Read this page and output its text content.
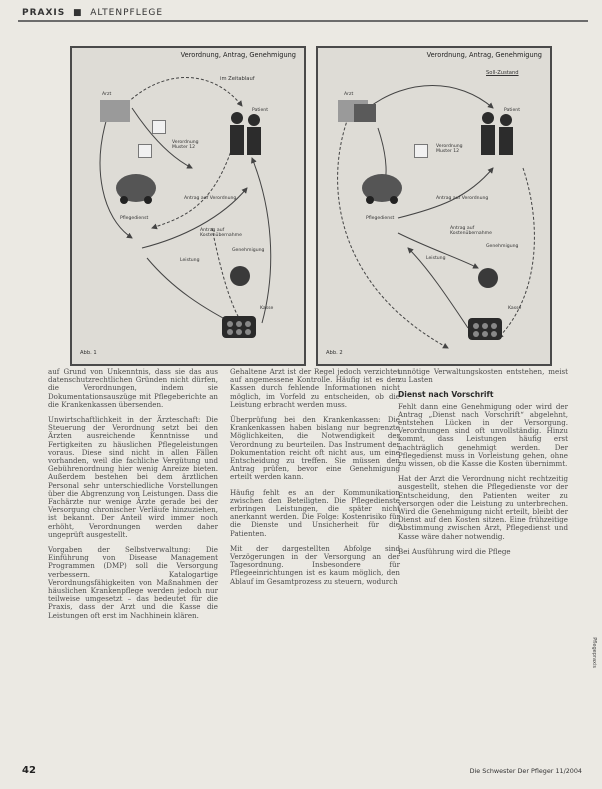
PRAXIS  ■  ALTENPFLEGE
Verordnung, Antrag, Genehmigung
im Zeitablauf
Arzt
Patient
Verordnung Muster 12
Pflegedienst
Antrag auf Verordnung
Antrag auf Kostenübernahme
Leistung
Genehmigung
Kasse
Abb. 1
Verordnung, Antrag, Genehmigung
Soll-Zustand
Arzt
Patient
Verordnung Muster 12
Pflegedienst
Antrag auf Verordnung
Antrag auf Kostenübernahme
Leistung
Genehmigung
Kasse
Abb. 2

auf Grund von Unkenntnis, dass sie das aus datenschutzrechtlichen Gründen nicht dürfen, die Verordnungen, indem sie Dokumentationsauszüge mit Pflegeberichte an die Krankenkassen übersenden.

Unwirtschaftlichkeit in der Ärzteschaft: Die Steuerung der Verordnung setzt bei den Ärzten ausreichende Kenntnisse und Fertigkeiten zu häuslichen Pflegeleistungen voraus. Diese sind nicht in allen Fällen vorhanden, weil die fachliche Vergütung und Gebührenordnung hier wenig Anreize bieten. Außerdem bestehen bei dem ärztlichen Personal sehr unterschiedliche Vorstellungen über die Abgrenzung von Leistungen. Dass die Fachärzte nur wenige Ärzte gerade bei der Versorgung chronischer Verläufe hinzuziehen, ist bekannt. Der Anteil wird immer noch erhöht, Verordnungen werden daher ungeprüft ausgestellt.

Vorgaben der Selbstverwaltung: Die Einführung von Disease Management Programmen (DMP) soll die Versorgung verbessern. Katalogartige Verordnungsfähigkeiten von Maßnahmen der häuslichen Krankenpflege werden jedoch nur teilweise umgesetzt – das bedeutet für die Praxis, dass der Arzt und die Kasse die Leistungen oft erst im Nachhinein klären.

Gehaltene Arzt ist der Regel jedoch verzichtet auf angemessene Kontrolle. Häufig ist es den Kassen durch fehlende Informationen nicht möglich, im Vorfeld zu entscheiden, ob die Leistung erbracht werden muss.

Überprüfung bei den Krankenkassen: Die Krankenkassen haben bislang nur begrenzte Möglichkeiten, die Notwendigkeit der Verordnung zu beurteilen. Das Instrument der Dokumentation reicht oft nicht aus, um eine Entscheidung zu treffen. Sie müssen den Antrag prüfen, bevor eine Genehmigung erteilt werden kann.

Häufig fehlt es an der Kommunikation zwischen den Beteiligten. Die Pflegedienste erbringen Leistungen, die später nicht anerkannt werden. Die Folge: Kostenrisiko für die Dienste und Unsicherheit für die Patienten.

Mit der dargestellten Abfolge sind Verzögerungen in der Versorgung an der Tagesordnung. Insbesondere für Pflegeeinrichtungen ist es kaum möglich, den Ablauf im Gesamtprozess zu steuern, wodurch

unnötige Verwaltungskosten entstehen, meist zu Lasten

Dienst nach Vorschrift

Fehlt dann eine Genehmigung oder wird der Antrag „Dienst nach Vorschrift“ abgelehnt, entstehen Lücken in der Versorgung. Verordnungen sind oft unvollständig. Hinzu kommt, dass Leistungen häufig erst nachträglich genehmigt werden. Der Pflegedienst muss in Vorleistung gehen, ohne zu wissen, ob die Kasse die Kosten übernimmt.

Hat der Arzt die Verordnung nicht rechtzeitig ausgestellt, stehen die Pflegedienste vor der Entscheidung, den Patienten weiter zu versorgen oder die Leistung zu unterbrechen. Wird die Genehmigung nicht erteilt, bleibt der Dienst auf den Kosten sitzen. Eine frühzeitige Abstimmung zwischen Arzt, Pflegedienst und Kasse wäre daher notwendig.

Bei Ausführung wird die Pflege

Pflegepraxis
42	Die Schwester Der Pfleger 11/2004
